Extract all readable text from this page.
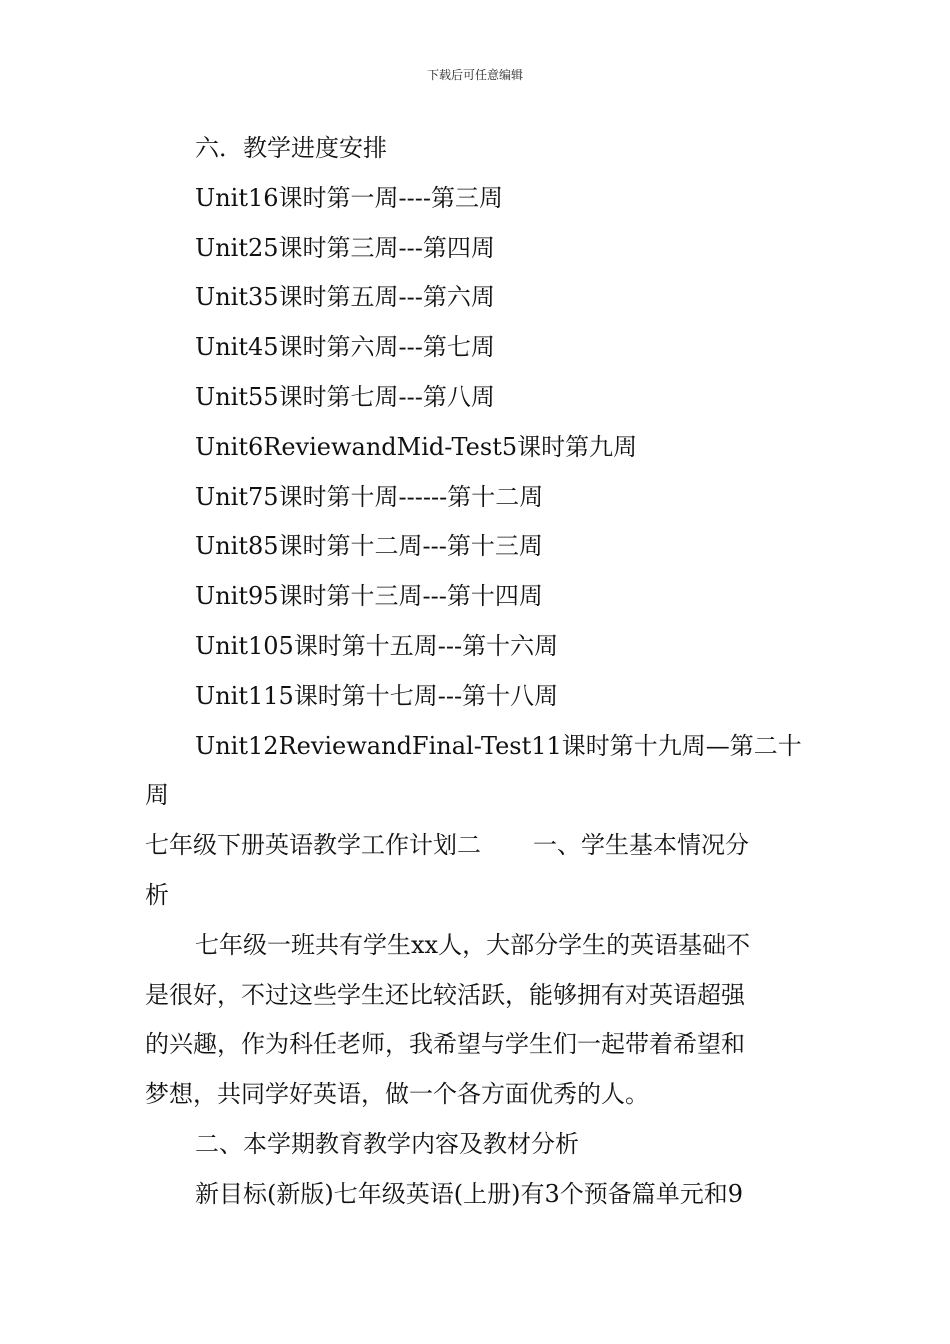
下载后可任意编辑
六．教学进度安排
Unit16课时第一周----第三周
Unit25课时第三周---第四周
Unit35课时第五周---第六周
Unit45课时第六周---第七周
Unit55课时第七周---第八周
Unit6ReviewandMid-Test5课时第九周
Unit75课时第十周------第十二周
Unit85课时第十二周---第十三周
Unit95课时第十三周---第十四周
Unit105课时第十五周---第十六周
Unit115课时第十七周---第十八周
Unit12ReviewandFinal-Test11课时第十九周—第二十
周
七年级下册英语教学工作计划二 一、学生基本情况分
析
七年级一班共有学生xx人，大部分学生的英语基础不
是很好，不过这些学生还比较活跃，能够拥有对英语超强
的兴趣，作为科任老师，我希望与学生们一起带着希望和
梦想，共同学好英语，做一个各方面优秀的人。
二、本学期教育教学内容及教材分析
新目标(新版)七年级英语(上册)有3个预备篇单元和9
